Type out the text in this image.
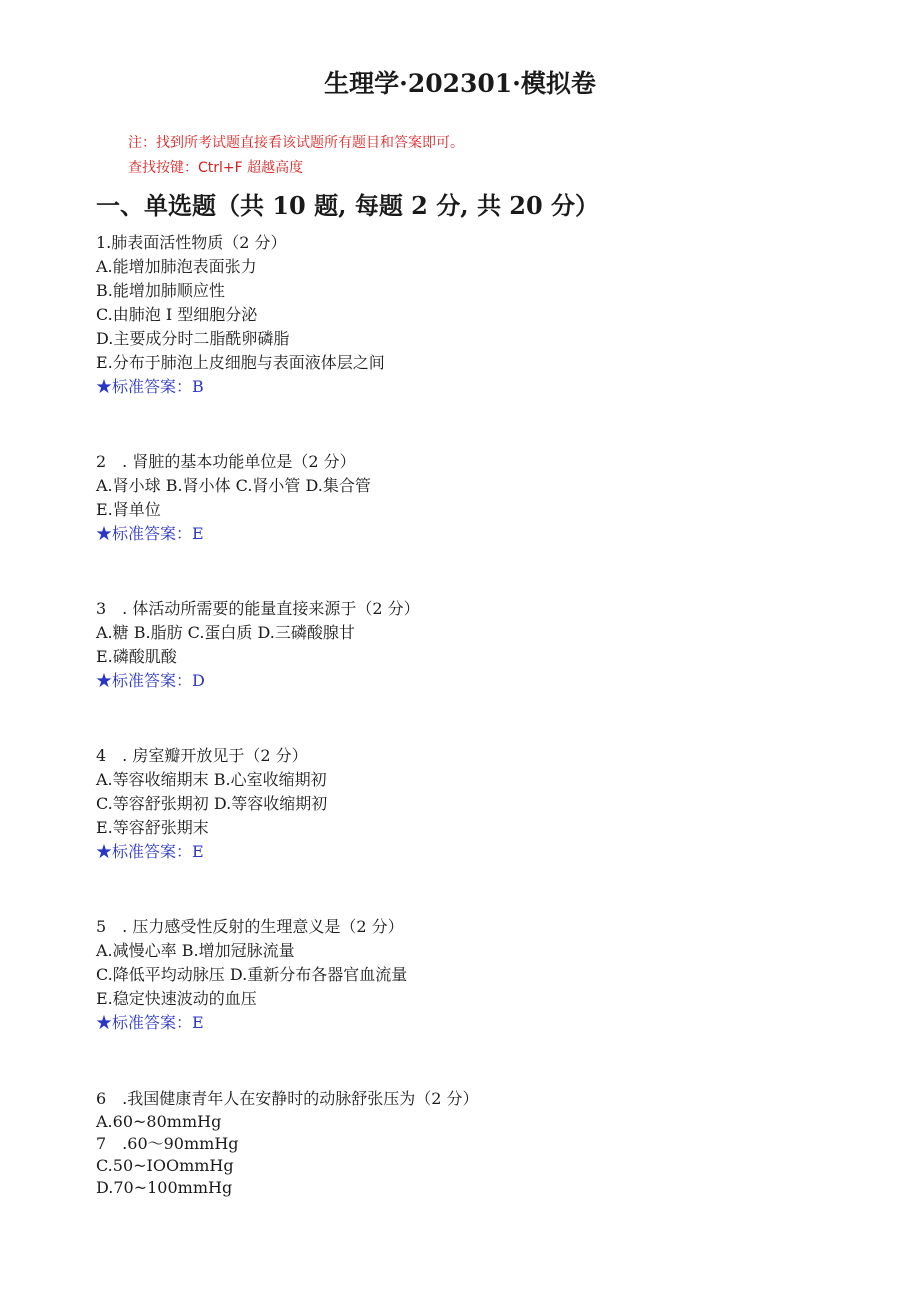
生理学·202301·模拟卷
注：找到所考试题直接看该试题所有题目和答案即可。
查找按键：Ctrl+F 超越高度
一、单选题（共 10 题, 每题 2 分, 共 20 分）
1.肺表面活性物质（2 分）
A.能增加肺泡表面张力
B.能增加肺顺应性
C.由肺泡 I 型细胞分泌
D.主要成分时二脂酰卵磷脂
E.分布于肺泡上皮细胞与表面液体层之间
★标准答案：B
2　. 肾脏的基本功能单位是（2 分）
A.肾小球 B.肾小体 C.肾小管 D.集合管
E.肾单位
★标准答案：E
3　. 体活动所需要的能量直接来源于（2 分）
A.糖 B.脂肪 C.蛋白质 D.三磷酸腺甘
E.磷酸肌酸
★标准答案：D
4　. 房室瓣开放见于（2 分）
A.等容收缩期末 B.心室收缩期初
C.等容舒张期初 D.等容收缩期初
E.等容舒张期末
★标准答案：E
5　. 压力感受性反射的生理意义是（2 分）
A.减慢心率 B.增加冠脉流量
C.降低平均动脉压 D.重新分布各器官血流量
E.稳定快速波动的血压
★标准答案：E
6　.我国健康青年人在安静时的动脉舒张压为（2 分）
A.60~80mmHg
7　.60～90mmHg
C.50~IOOmmHg
D.70~100mmHg
